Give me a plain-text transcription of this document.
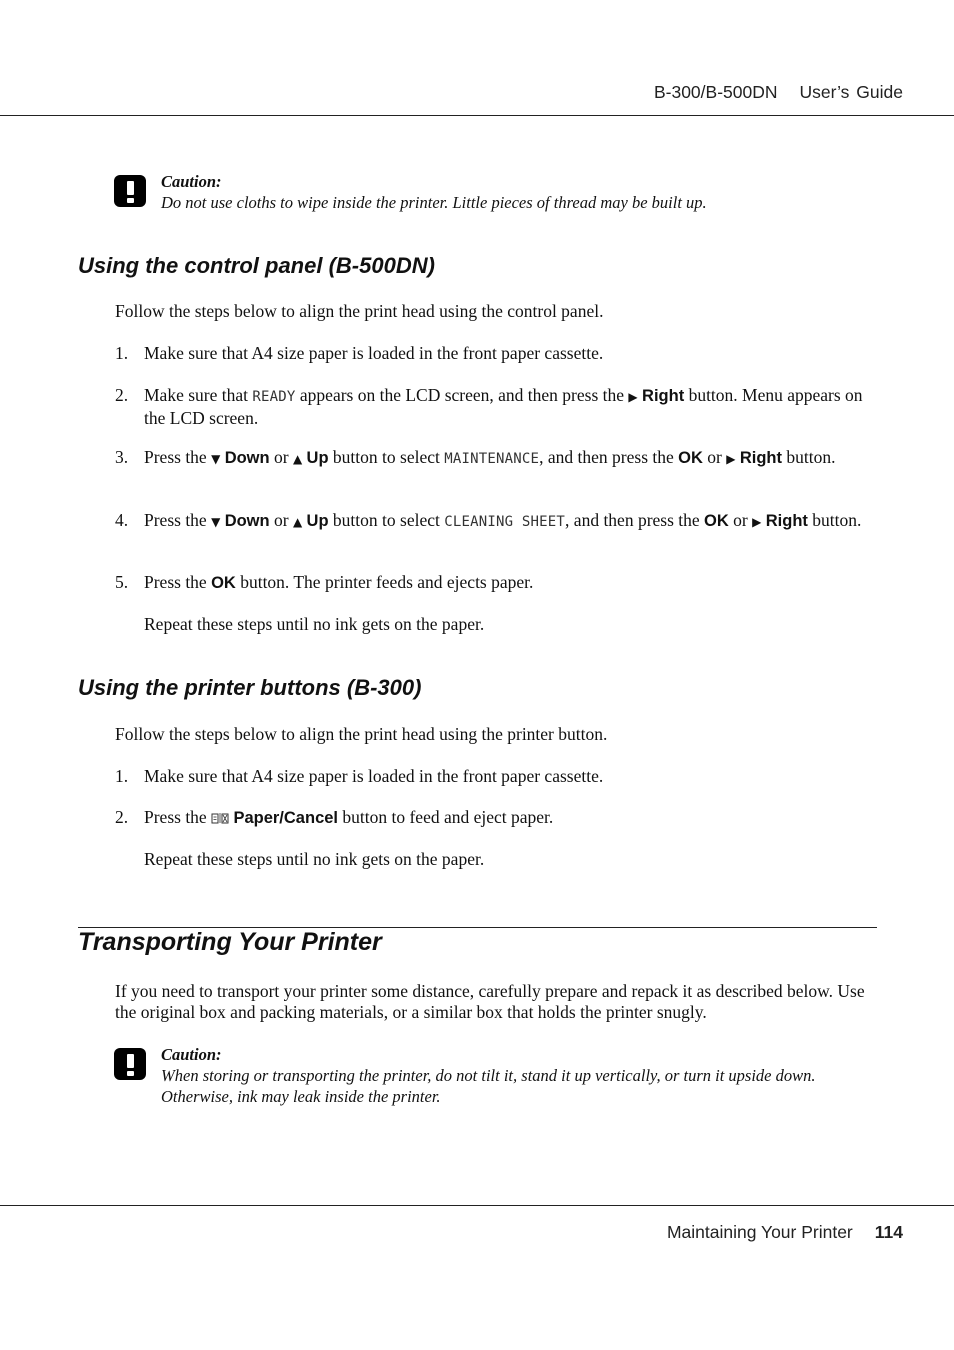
B-300/B-500DN User’s Guide
Caution:
Do not use cloths to wipe inside the printer. Little pieces of thread may be built up.
Using the control panel (B-500DN)
Follow the steps below to align the print head using the control panel.
1. Make sure that A4 size paper is loaded in the front paper cassette.
2. Make sure that READY appears on the LCD screen, and then press the ▶ Right button. Menu appears on the LCD screen.
3. Press the ▼ Down or ▲ Up button to select MAINTENANCE, and then press the OK or ▶ Right button.
4. Press the ▼ Down or ▲ Up button to select CLEANING SHEET, and then press the OK or ▶ Right button.
5. Press the OK button. The printer feeds and ejects paper.
Repeat these steps until no ink gets on the paper.
Using the printer buttons (B-300)
Follow the steps below to align the print head using the printer button.
1. Make sure that A4 size paper is loaded in the front paper cassette.
2. Press the Paper/Cancel button to feed and eject paper.
Repeat these steps until no ink gets on the paper.
Transporting Your Printer
If you need to transport your printer some distance, carefully prepare and repack it as described below. Use the original box and packing materials, or a similar box that holds the printer snugly.
Caution:
When storing or transporting the printer, do not tilt it, stand it up vertically, or turn it upside down. Otherwise, ink may leak inside the printer.
Maintaining Your Printer 114
